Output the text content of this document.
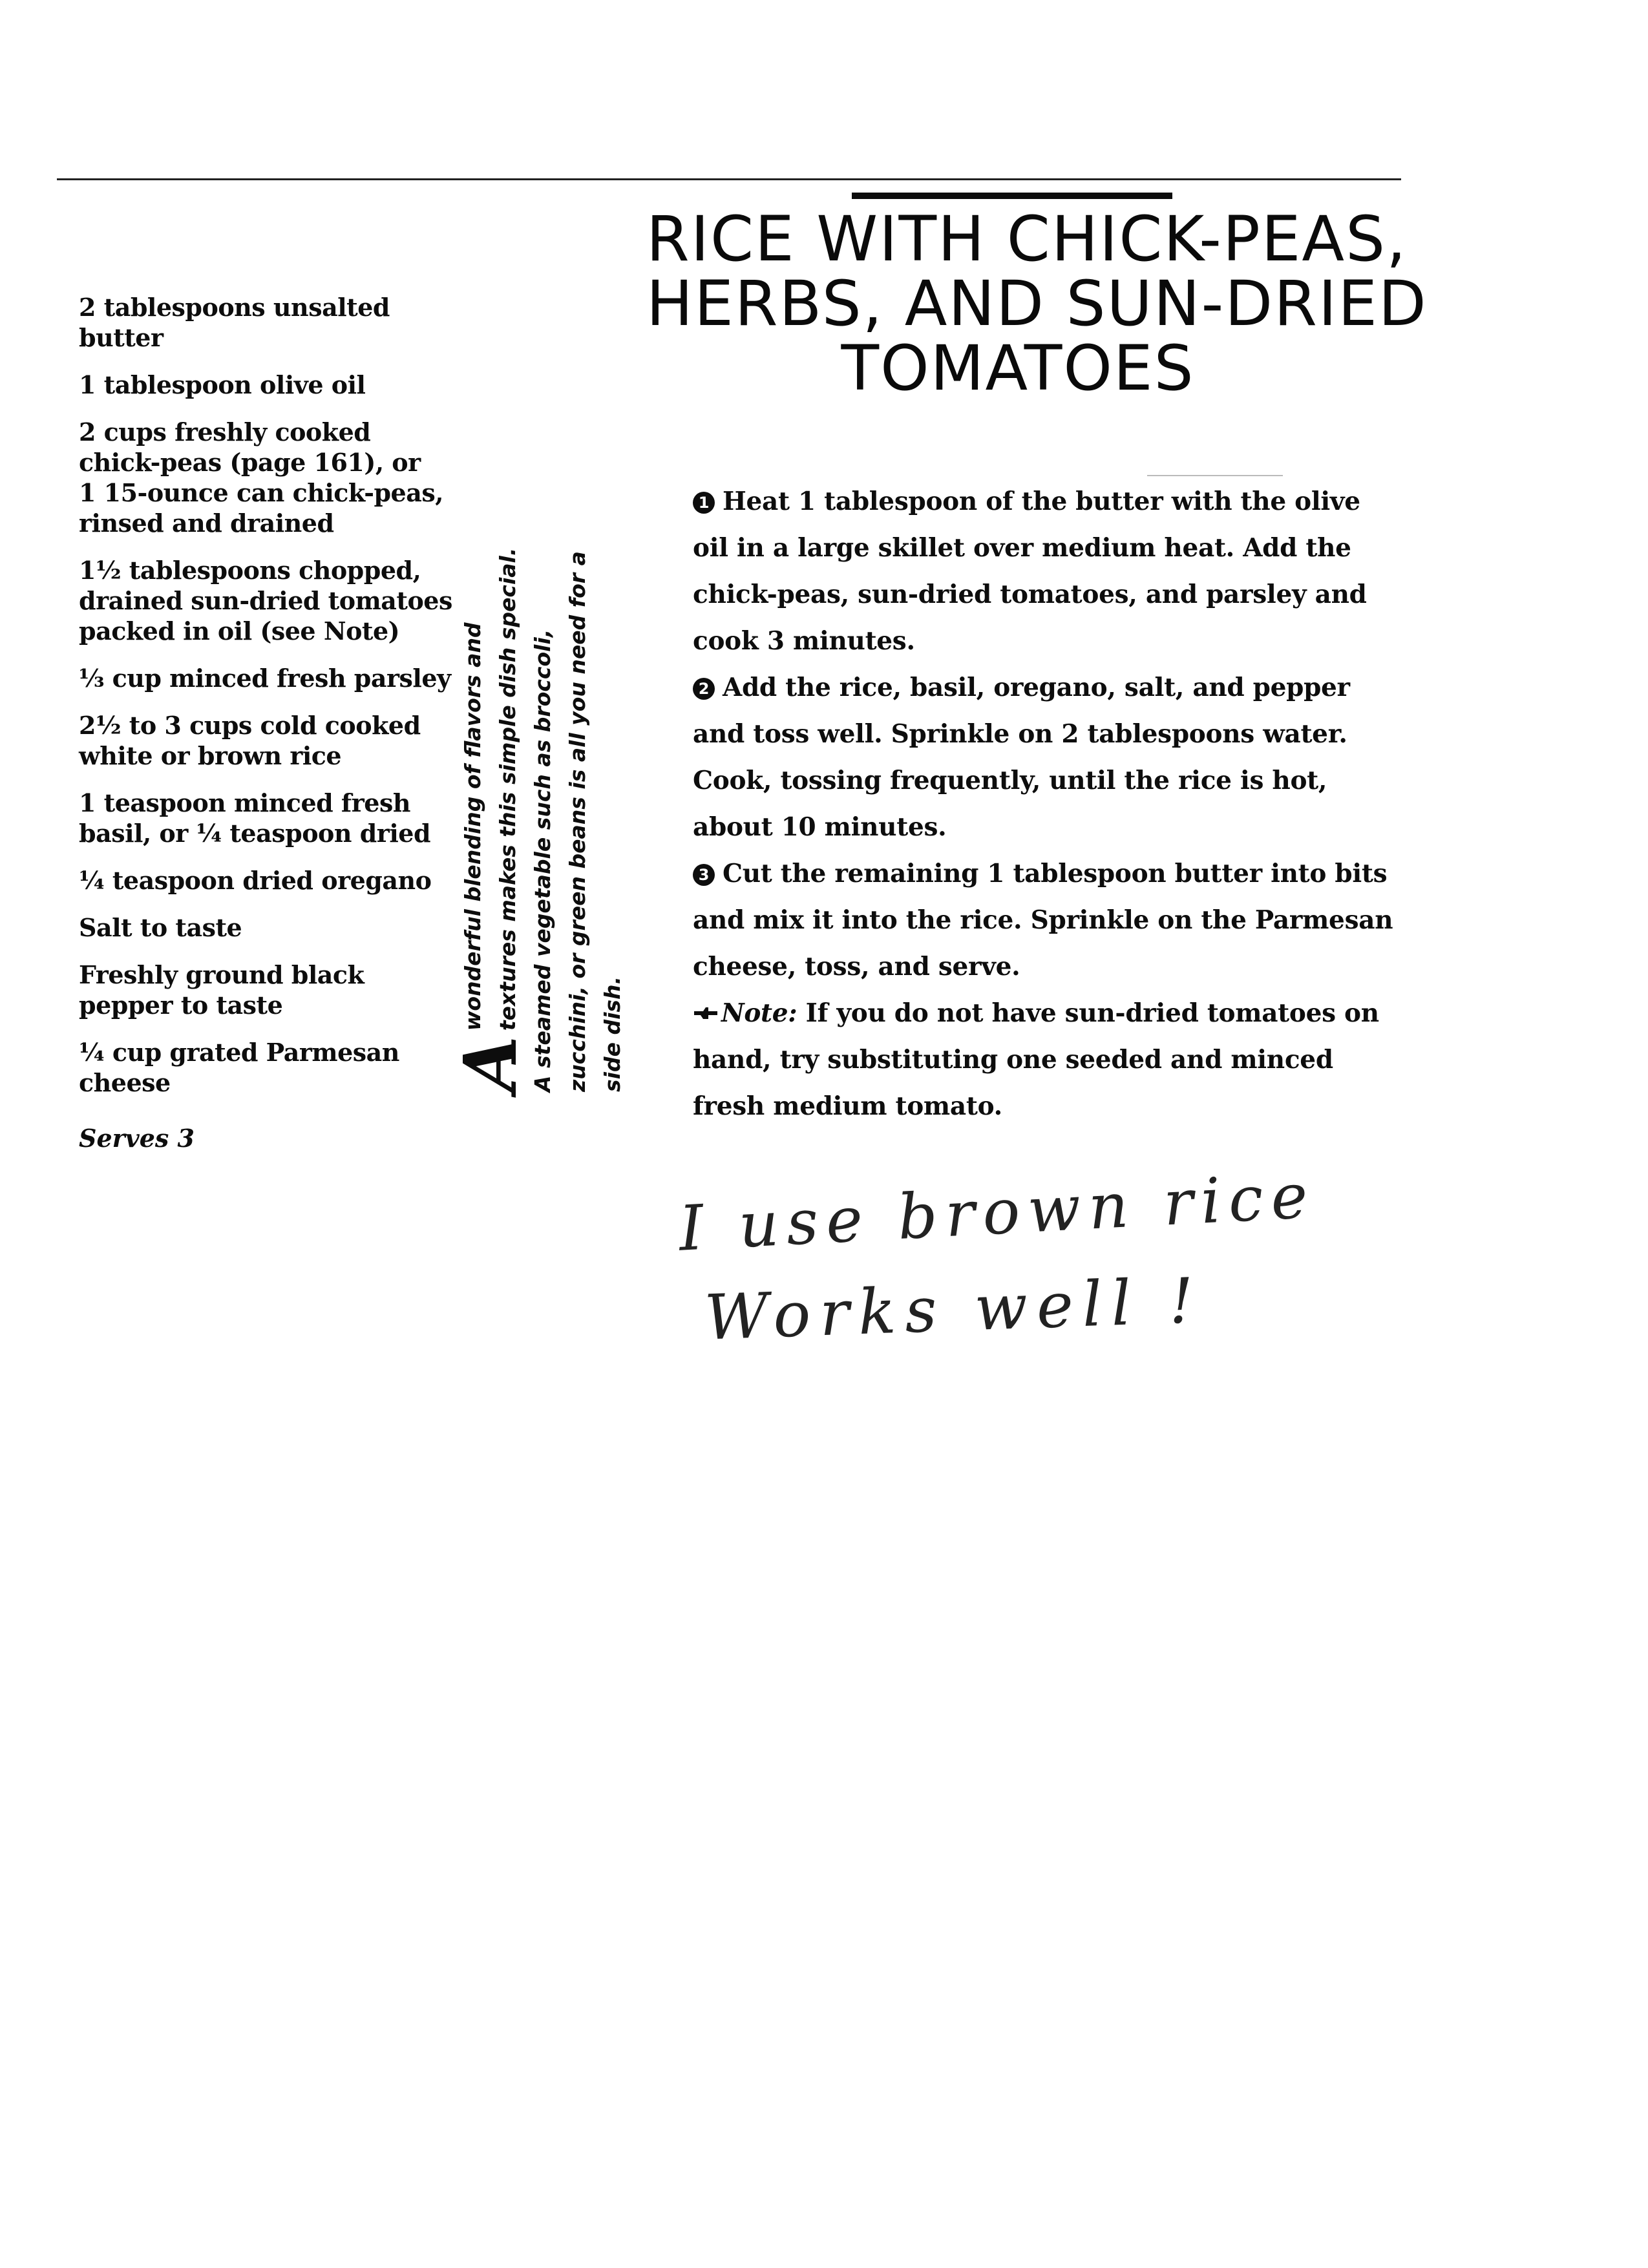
2 tablespoons unsalted
butter

1 tablespoon olive oil

2 cups freshly cooked
chick-peas (page 161), or
1 15-ounce can chick-peas,
rinsed and drained

1½ tablespoons chopped,
drained sun-dried tomatoes
packed in oil (see Note)

⅓ cup minced fresh parsley

2½ to 3 cups cold cooked
white or brown rice

1 teaspoon minced fresh
basil, or ¼ teaspoon dried

¼ teaspoon dried oregano

Salt to taste

Freshly ground black
pepper to taste

¼ cup grated Parmesan
cheese

Serves 3

A
wonderful blending of flavors and textures makes this simple dish special. A steamed vegetable such as broccoli, zucchini, or green beans is all you need for a side dish.
RICE WITH CHICK-PEAS,
HERBS, AND SUN-DRIED
TOMATOES
1 Heat 1 tablespoon of the butter with the olive oil in a large skillet over medium heat. Add the chick-peas, sun-dried tomatoes, and parsley and cook 3 minutes.
2 Add the rice, basil, oregano, salt, and pepper and toss well. Sprinkle on 2 tablespoons water. Cook, tossing frequently, until the rice is hot, about 10 minutes.
3 Cut the remaining 1 tablespoon butter into bits and mix it into the rice. Sprinkle on the Parmesan cheese, toss, and serve.
Note: If you do not have sun-dried tomatoes on hand, try substituting one seeded and minced fresh medium tomato.
I use brown rice
Works well !
